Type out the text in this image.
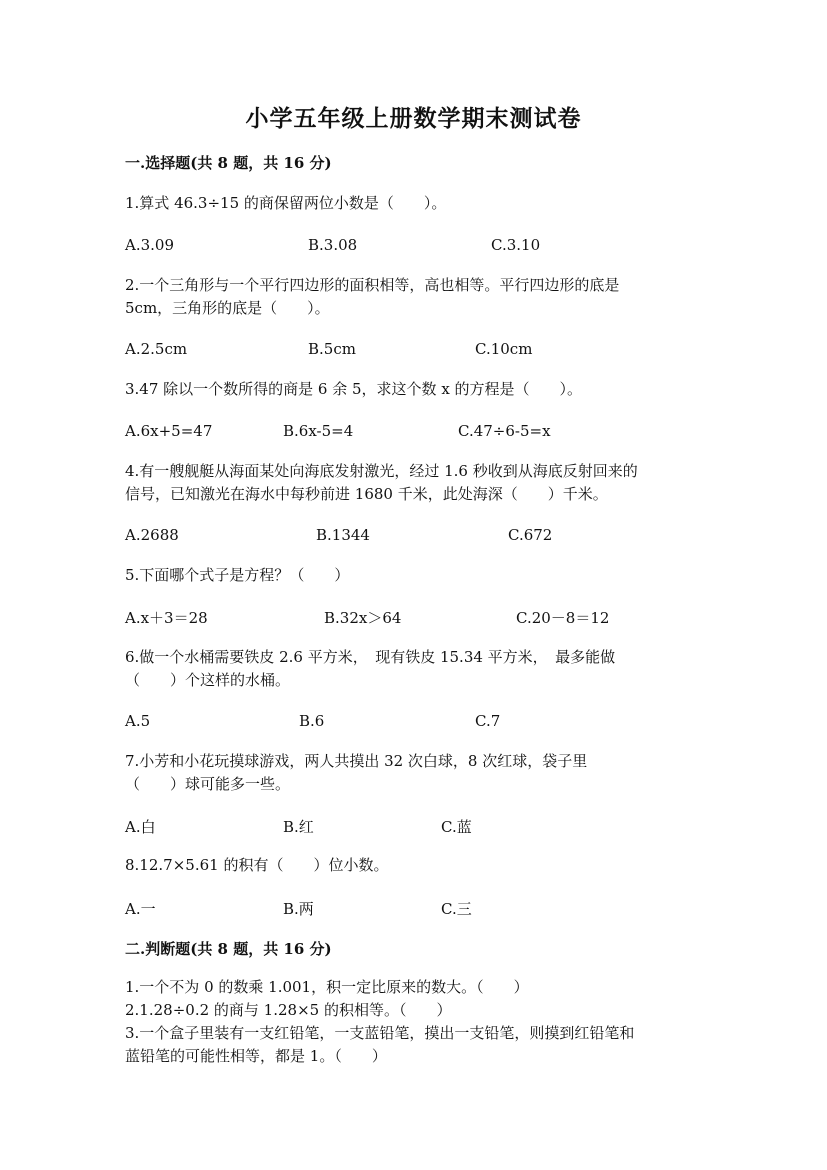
小学五年级上册数学期末测试卷
一.选择题(共 8 题，共 16 分)
1.算式 46.3÷15 的商保留两位小数是（　　）。
A.3.09	B.3.08	C.3.10
2.一个三角形与一个平行四边形的面积相等，高也相等。平行四边形的底是
5cm，三角形的底是（　　）。
A.2.5cm	B.5cm	C.10cm
3.47 除以一个数所得的商是 6 余 5，求这个数 x 的方程是（　　）。
A.6x+5=47	B.6x-5=4	C.47÷6-5=x
4.有一艘舰艇从海面某处向海底发射激光，经过 1.6 秒收到从海底反射回来的
信号，已知激光在海水中每秒前进 1680 千米，此处海深（　　）千米。
A.2688	B.1344	C.672
5.下面哪个式子是方程？（　　）
A.x＋3＝28	B.32x＞64	C.20－8＝12
6.做一个水桶需要铁皮 2.6 平方米，　现有铁皮 15.34 平方米，　最多能做
（　　）个这样的水桶。
A.5	B.6	C.7
7.小芳和小花玩摸球游戏，两人共摸出 32 次白球，8 次红球，袋子里
（　　）球可能多一些。
A.白	B.红	C.蓝
8.12.7×5.61 的积有（　　）位小数。
A.一	B.两	C.三
二.判断题(共 8 题，共 16 分)
1.一个不为 0 的数乘 1.001，积一定比原来的数大。（　　）
2.1.28÷0.2 的商与 1.28×5 的积相等。（　　）
3.一个盒子里装有一支红铅笔，一支蓝铅笔，摸出一支铅笔，则摸到红铅笔和
蓝铅笔的可能性相等，都是 1。（　　）
